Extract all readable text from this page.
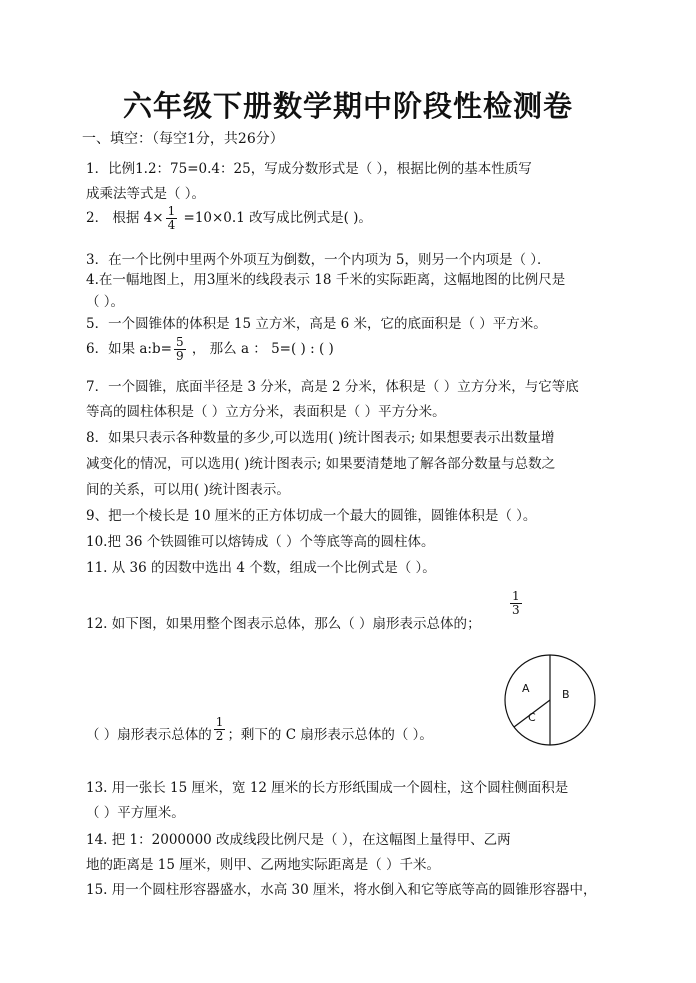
六年级下册数学期中阶段性检测卷
一、填空：（每空1分，共26分）
1．比例1.2：75=0.4：25，写成分数形式是（ ），根据比例的基本性质写
成乘法等式是（ ）。
2． 根据 $4\times \frac{1}{4} =10\times 0.1$ 改写成比例式是( )。
3．在一个比例中里两个外项互为倒数，一个内项为 5，则另一个内项是（ ）．
4.在一幅地图上，用3厘米的线段表示 18 千米的实际距离，这幅地图的比例尺是
（ ）。
5．一个圆锥体的体积是 15 立方米，高是 6 米，它的底面积是（ ）平方米。
6．如果 a:b= $\frac{5}{9}$ ， 那么 a ： 5=( ) : ( )
7．一个圆锥，底面半径是 3 分米，高是 2 分米，体积是（ ）立方分米，与它等底
等高的圆柱体积是（ ）立方分米，表面积是（ ）平方分米。
8．如果只表示各种数量的多少,可以选用( )统计图表示; 如果想要表示出数量增
减变化的情况，可以选用( )统计图表示; 如果要清楚地了解各部分数量与总数之
间的关系，可以用( )统计图表示。
9、把一个棱长是 10 厘米的正方体切成一个最大的圆锥，圆锥体积是（ ）。
10.把 36 个铁圆锥可以熔铸成（ ）个等底等高的圆柱体。
11. 从 36 的因数中选出 4 个数，组成一个比例式是（ ）。
12. 如下图，如果用整个图表示总体，那么（ ）扇形表示总体的；
$\frac{1}{3}$
（ ）扇形表示总体的 $\frac{1}{2}$ ；剩下的 C 扇形表示总体的（ ）。
A	B
C
13. 用一张长 15 厘米，宽 12 厘米的长方形纸围成一个圆柱，这个圆柱侧面积是
（ ）平方厘米。
14. 把 1：2000000 改成线段比例尺是（ ），在这幅图上量得甲、乙两
地的距离是 15 厘米，则甲、乙两地实际距离是（ ）千米。
15. 用一个圆柱形容器盛水，水高 30 厘米，将水倒入和它等底等高的圆锥形容器中，
